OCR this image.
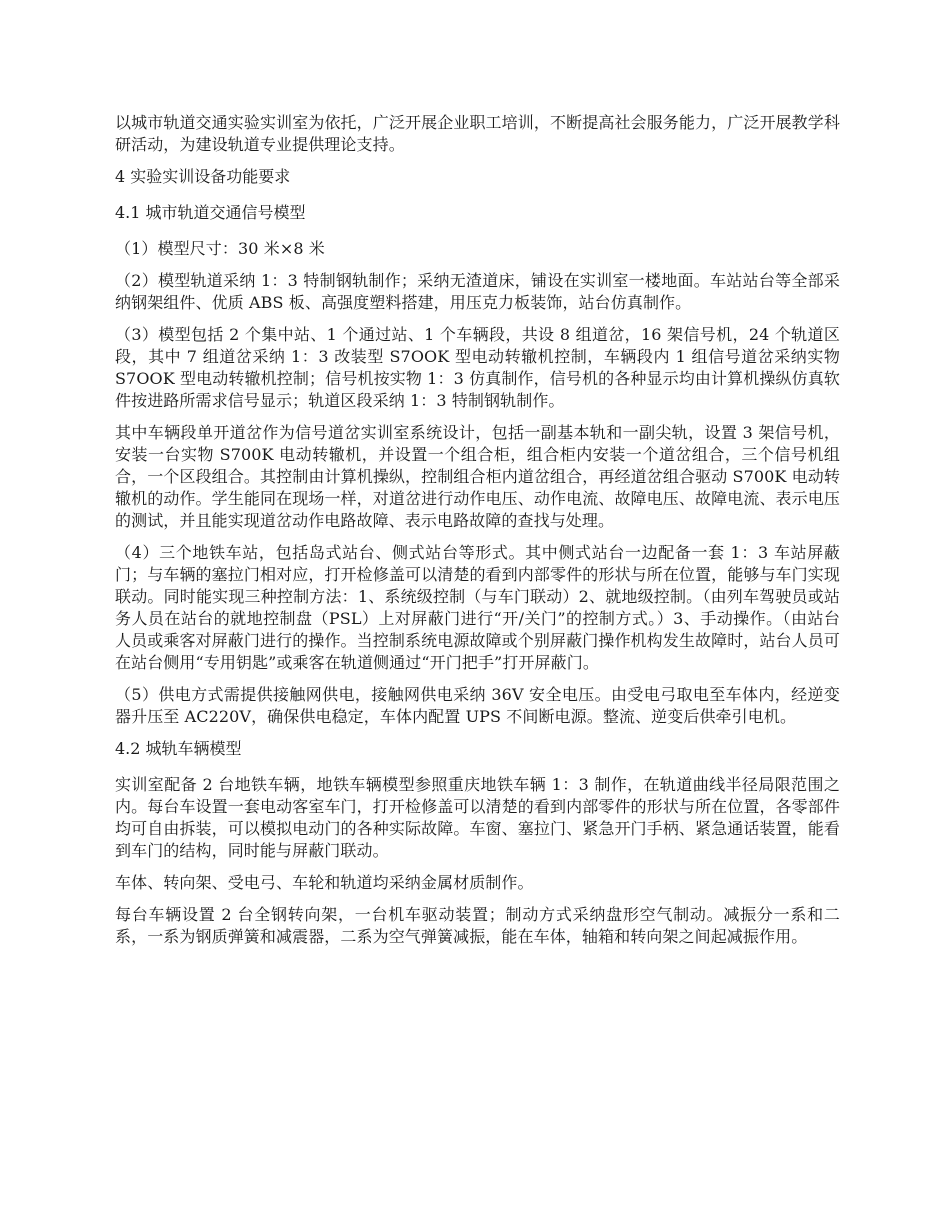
以城市轨道交通实验实训室为依托，广泛开展企业职工培训，不断提高社会服务能力，广泛开展教学科研活动，为建设轨道专业提供理论支持。

4 实验实训设备功能要求

4.1 城市轨道交通信号模型

（1）模型尺寸：30 米×8 米

（2）模型轨道采纳 1：3 特制钢轨制作；采纳无渣道床，铺设在实训室一楼地面。车站站台等全部采纳钢架组件、优质 ABS 板、高强度塑料搭建，用压克力板装饰，站台仿真制作。

（3）模型包括 2 个集中站、1 个通过站、1 个车辆段，共设 8 组道岔，16 架信号机，24 个轨道区段，其中 7 组道岔采纳 1：3 改装型 S7OOK 型电动转辙机控制，车辆段内 1 组信号道岔采纳实物 S7OOK 型电动转辙机控制；信号机按实物 1：3 仿真制作，信号机的各种显示均由计算机操纵仿真软件按进路所需求信号显示；轨道区段采纳 1：3 特制钢轨制作。

其中车辆段单开道岔作为信号道岔实训室系统设计，包括一副基本轨和一副尖轨，设置 3 架信号机，安装一台实物 S700K 电动转辙机，并设置一个组合柜，组合柜内安装一个道岔组合，三个信号机组合，一个区段组合。其控制由计算机操纵，控制组合柜内道岔组合，再经道岔组合驱动 S700K 电动转辙机的动作。学生能同在现场一样，对道岔进行动作电压、动作电流、故障电压、故障电流、表示电压的测试，并且能实现道岔动作电路故障、表示电路故障的查找与处理。

（4）三个地铁车站，包括岛式站台、侧式站台等形式。其中侧式站台一边配备一套 1：3 车站屏蔽门；与车辆的塞拉门相对应，打开检修盖可以清楚的看到内部零件的形状与所在位置，能够与车门实现联动。同时能实现三种控制方法：1、系统级控制（与车门联动）2、就地级控制。（由列车驾驶员或站务人员在站台的就地控制盘（PSL）上对屏蔽门进行“开/关门”的控制方式。）3、手动操作。（由站台人员或乘客对屏蔽门进行的操作。当控制系统电源故障或个别屏蔽门操作机构发生故障时，站台人员可在站台侧用“专用钥匙”或乘客在轨道侧通过“开门把手”打开屏蔽门。

（5）供电方式需提供接触网供电，接触网供电采纳 36V 安全电压。由受电弓取电至车体内，经逆变器升压至 AC220V，确保供电稳定，车体内配置 UPS 不间断电源。整流、逆变后供牵引电机。

4.2 城轨车辆模型

实训室配备 2 台地铁车辆，地铁车辆模型参照重庆地铁车辆 1：3 制作，在轨道曲线半径局限范围之内。每台车设置一套电动客室车门，打开检修盖可以清楚的看到内部零件的形状与所在位置，各零部件均可自由拆装，可以模拟电动门的各种实际故障。车窗、塞拉门、紧急开门手柄、紧急通话装置，能看到车门的结构，同时能与屏蔽门联动。

车体、转向架、受电弓、车轮和轨道均采纳金属材质制作。

每台车辆设置 2 台全钢转向架，一台机车驱动装置；制动方式采纳盘形空气制动。减振分一系和二系，一系为钢质弹簧和减震器，二系为空气弹簧减振，能在车体，轴箱和转向架之间起减振作用。
